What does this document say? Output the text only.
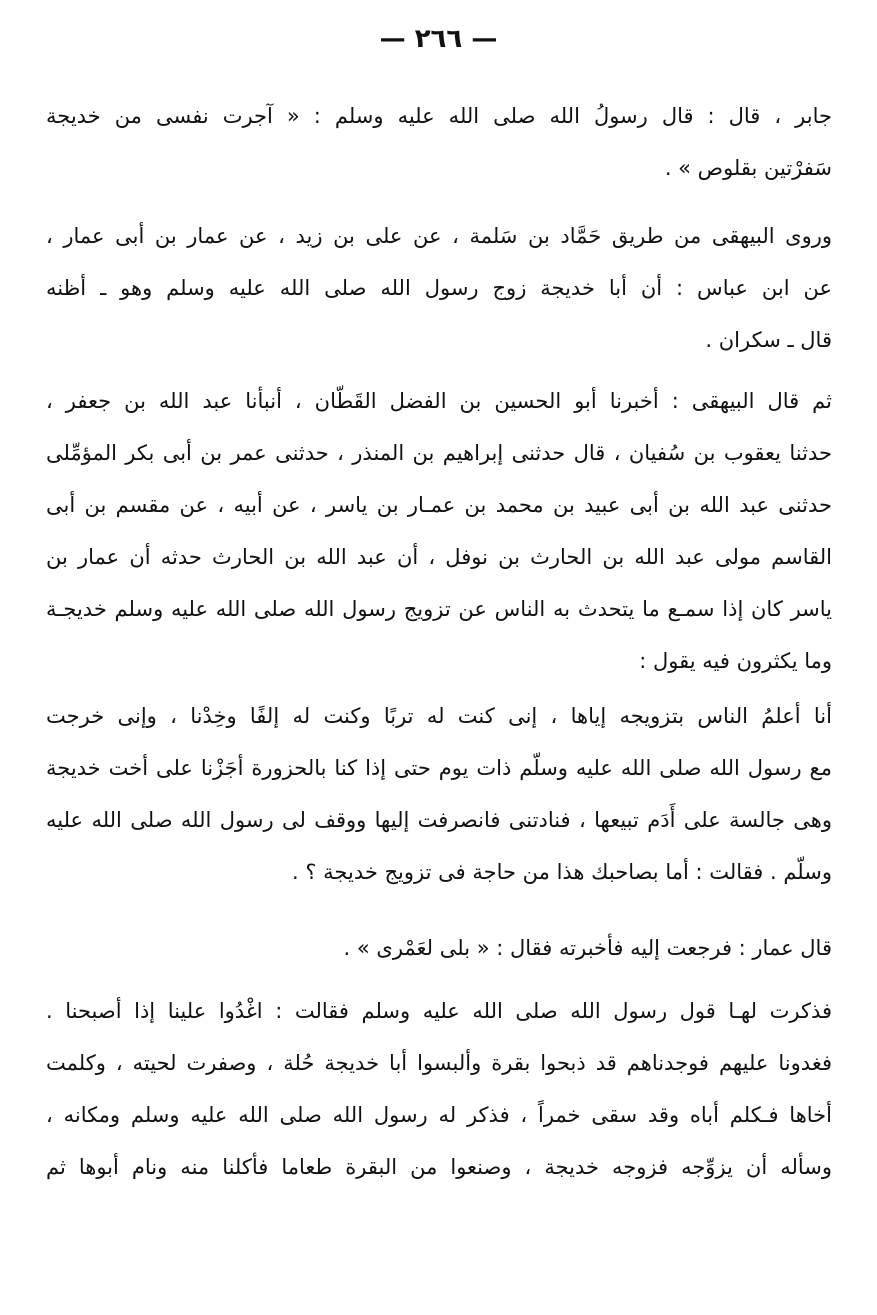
— ٢٦٦ —

جابر ، قال : قال رسولُ الله صلى الله عليه وسلم : « آجرت نفسى من خديجة
سَفرْتين بقلوص » .

وروى البيهقى من طريق حَمَّاد بن سَلمة ، عن على بن زيد ، عن عمار بن أبى عمار ،
عن ابن عباس : أن أبا خديجة زوج رسول الله صلى الله عليه وسلم وهو ـ أظنه
قال ـ سكران .

ثم قال البيهقى : أخبرنا أبو الحسين بن الفضل القَطّان ، أنبأنا عبد الله بن جعفر ،
حدثنا يعقوب بن سُفيان ، قال حدثنى إبراهيم بن المنذر ، حدثنى عمر بن أبى بكر المؤمِّلى
حدثنى عبد الله بن أبى عبيد بن محمد بن عمـار بن ياسر ، عن أبيه ، عن مقسم بن أبى
القاسم مولى عبد الله بن الحارث بن نوفل ، أن عبد الله بن الحارث حدثه أن عمار بن
ياسر كان إذا سمـع ما يتحدث به الناس عن تزويج رسول الله صلى الله عليه وسلم خديجـة
وما يكثرون فيه يقول :

أنا أعلمُ الناس بتزويجه إياها ، إنى كنت له تربًا وكنت له إلفًا وخِدْنا ، وإنى خرجت
مع رسول الله صلى الله عليه وسلّم ذات يوم حتى إذا كنا بالحزورة أجَزْنا على أخت خديجة
وهى جالسة على أَدَم تبيعها ، فنادتنى فانصرفت إليها ووقف لى رسول الله صلى الله عليه
وسلّم . فقالت : أما بصاحبك هذا من حاجة فى تزويج خديجة ؟ .

قال عمار : فرجعت إليه فأخبرته فقال : « بلى لعَمْرى » .

فذكرت لهـا قول رسول الله صلى الله عليه وسلم فقالت : اغْدُوا علينا إذا أصبحنا .
فغدونا عليهم فوجدناهم قد ذبحوا بقرة وألبسوا أبا خديجة حُلة ، وصفرت لحيته ، وكلمت
أخاها فـكلم أباه وقد سقى خمراً ، فذكر له رسول الله صلى الله عليه وسلم ومكانه ،
وسأله أن يزوِّجه فزوجه خديجة ، وصنعوا من البقرة طعاما فأكلنا منه ونام أبوها ثم
